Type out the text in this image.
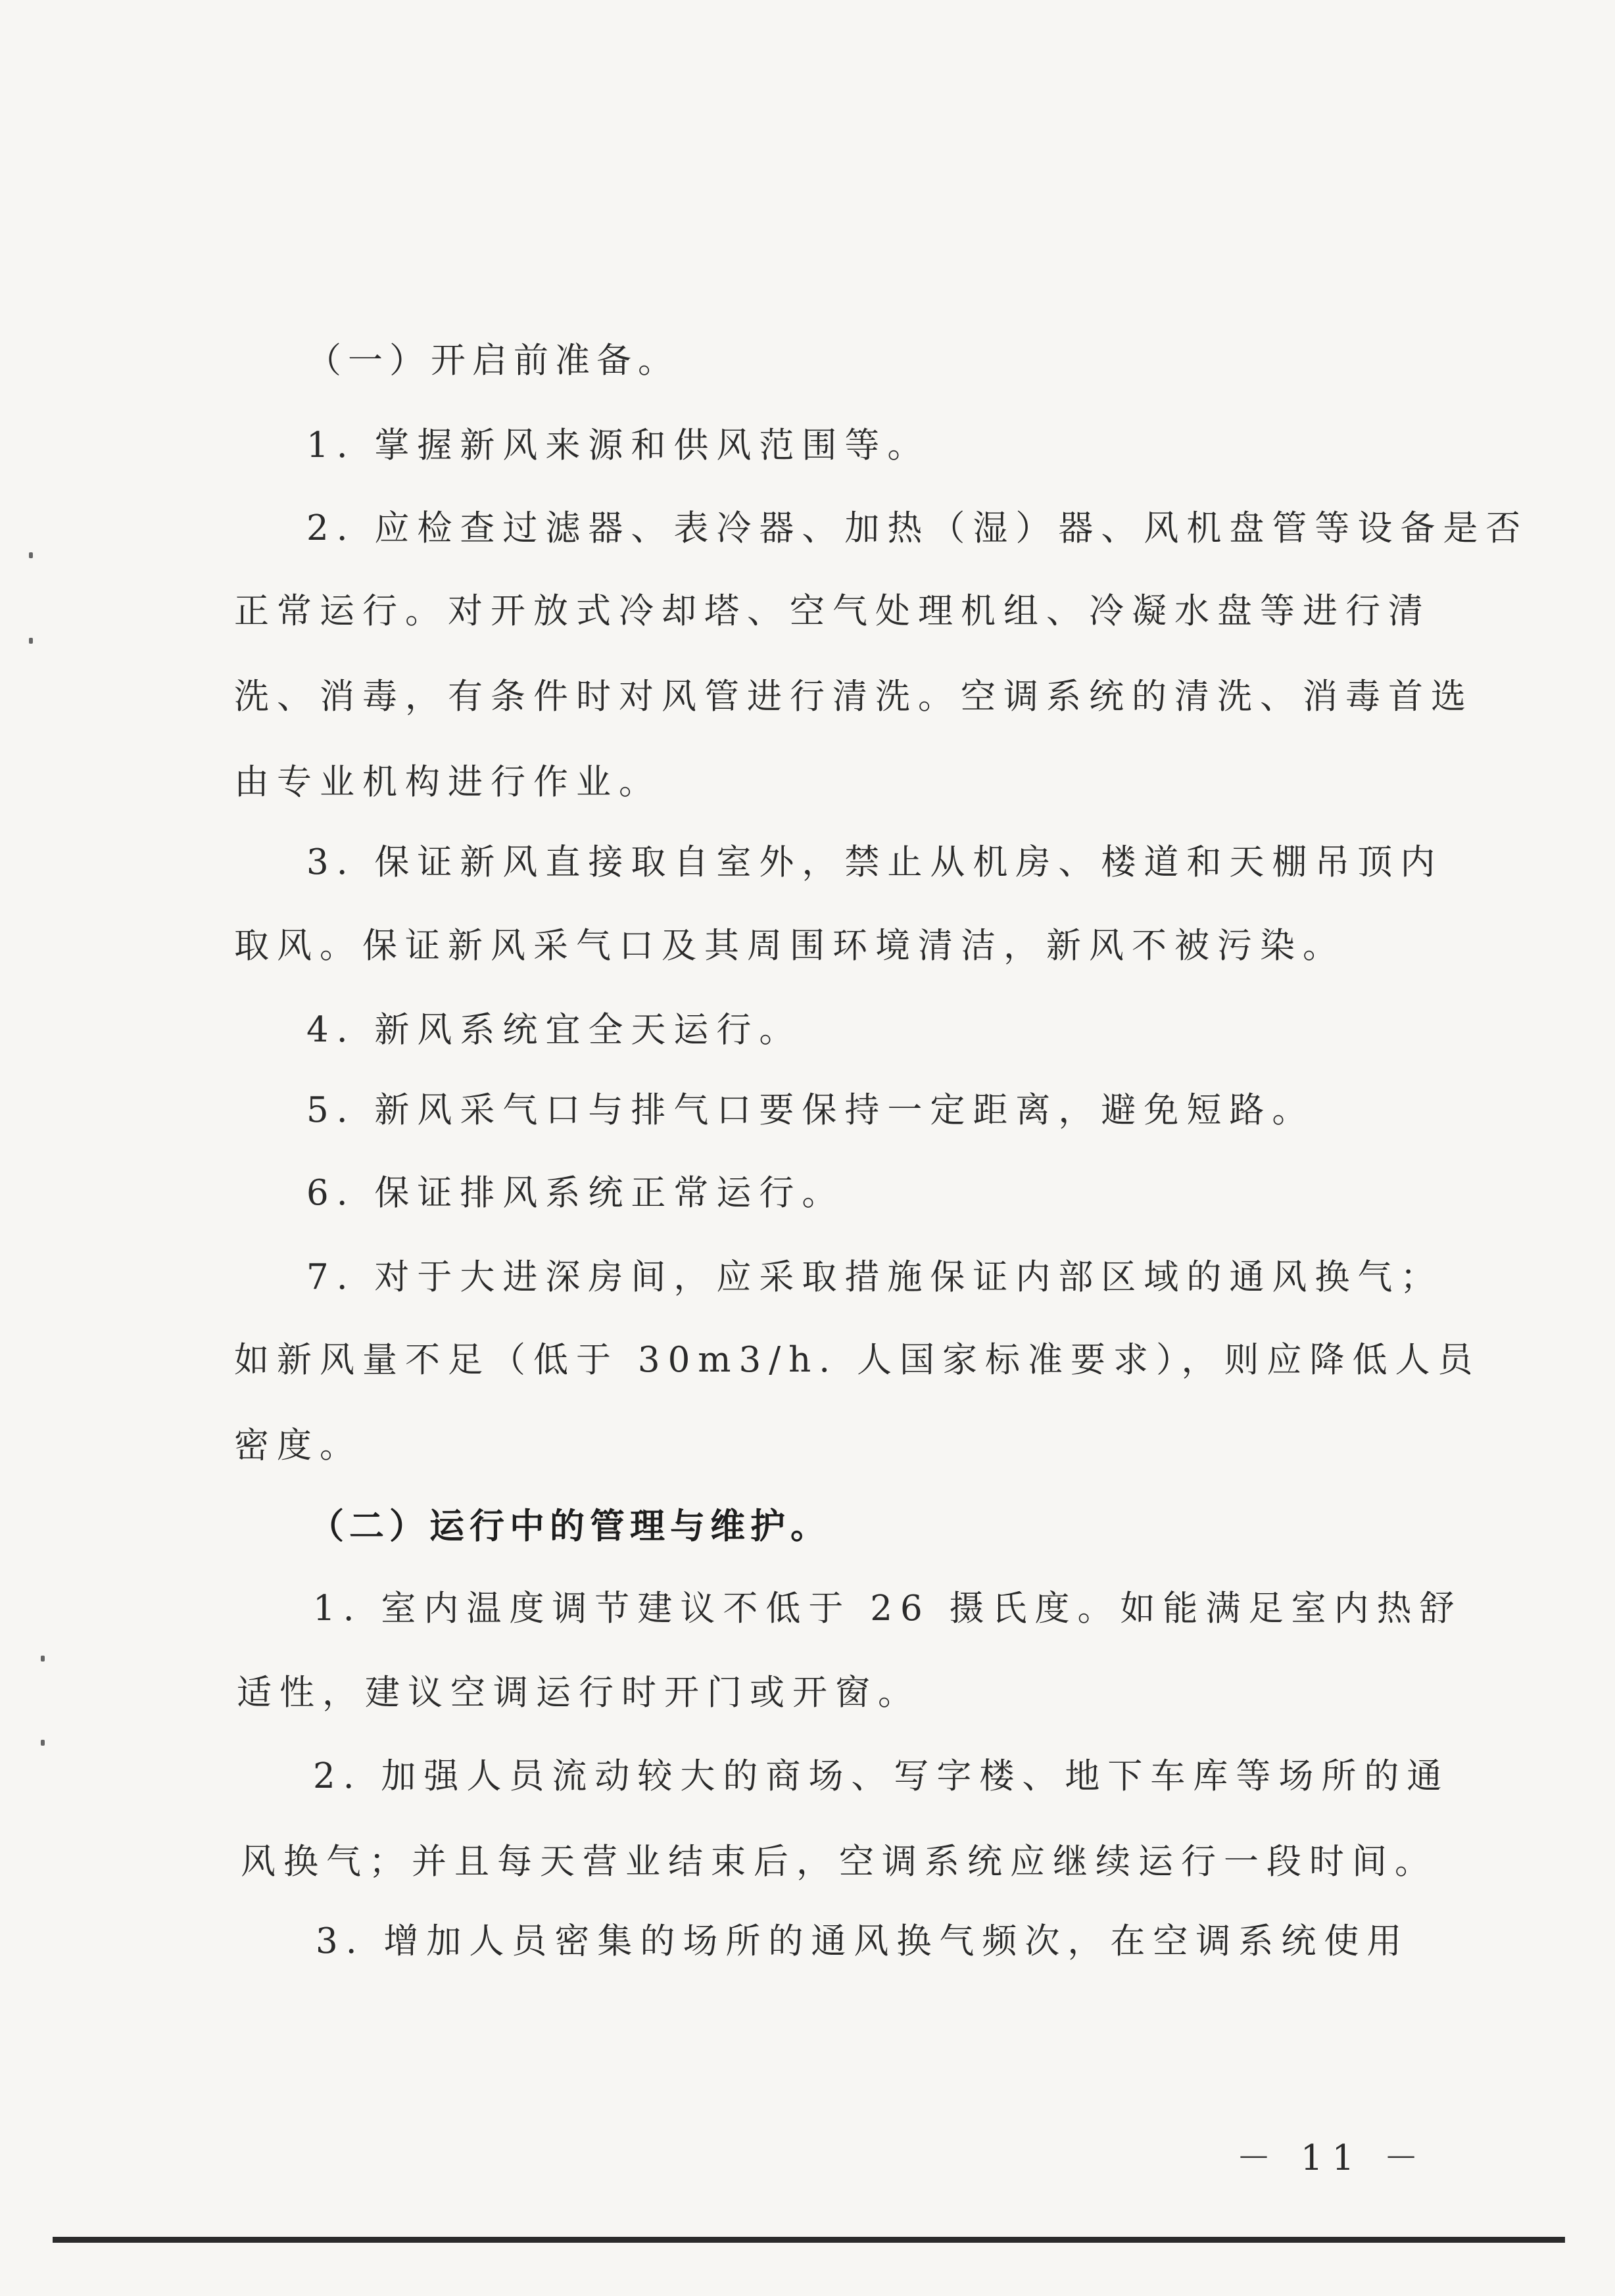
（一）开启前准备。
1. 掌握新风来源和供风范围等。
2. 应检查过滤器、表冷器、加热（湿）器、风机盘管等设备是否
正常运行。对开放式冷却塔、空气处理机组、冷凝水盘等进行清
洗、消毒，有条件时对风管进行清洗。空调系统的清洗、消毒首选
由专业机构进行作业。
3. 保证新风直接取自室外，禁止从机房、楼道和天棚吊顶内
取风。保证新风采气口及其周围环境清洁，新风不被污染。
4. 新风系统宜全天运行。
5. 新风采气口与排气口要保持一定距离，避免短路。
6. 保证排风系统正常运行。
7. 对于大进深房间，应采取措施保证内部区域的通风换气；
如新风量不足（低于 30m3/h. 人国家标准要求），则应降低人员
密度。
（二）运行中的管理与维护。
1. 室内温度调节建议不低于 26 摄氏度。如能满足室内热舒
适性，建议空调运行时开门或开窗。
2. 加强人员流动较大的商场、写字楼、地下车库等场所的通
风换气；并且每天营业结束后，空调系统应继续运行一段时间。
3. 增加人员密集的场所的通风换气频次，在空调系统使用
－ 11 －
